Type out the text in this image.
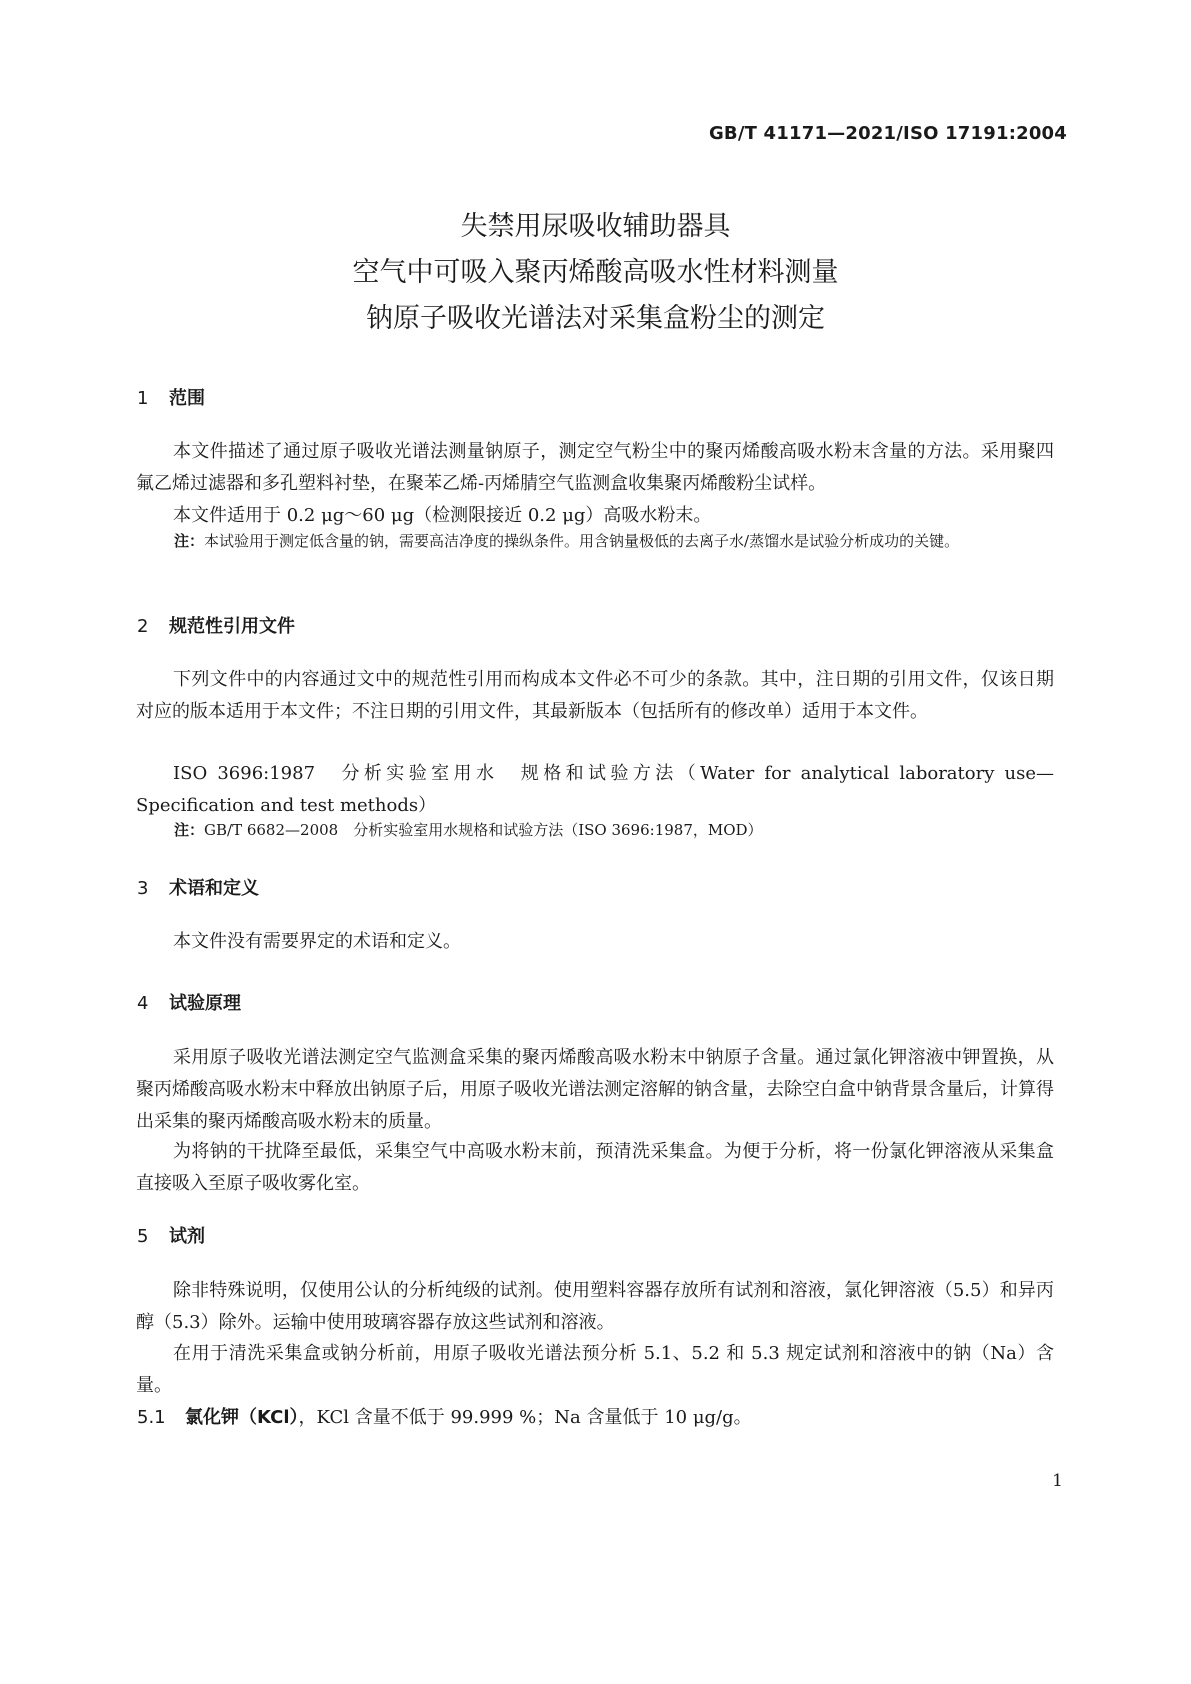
GB/T 41171—2021/ISO 17191:2004
失禁用尿吸收辅助器具
空气中可吸入聚丙烯酸高吸水性材料测量
钠原子吸收光谱法对采集盒粉尘的测定
1 范围

本文件描述了通过原子吸收光谱法测量钠原子，测定空气粉尘中的聚丙烯酸高吸水粉末含量的方法。采用聚四氟乙烯过滤器和多孔塑料衬垫，在聚苯乙烯-丙烯腈空气监测盒收集聚丙烯酸粉尘试样。

本文件适用于 0.2 μg～60 μg（检测限接近 0.2 μg）高吸水粉末。

注：本试验用于测定低含量的钠，需要高洁净度的操纵条件。用含钠量极低的去离子水/蒸馏水是试验分析成功的关键。
2 规范性引用文件

下列文件中的内容通过文中的规范性引用而构成本文件必不可少的条款。其中，注日期的引用文件，仅该日期对应的版本适用于本文件；不注日期的引用文件，其最新版本（包括所有的修改单）适用于本文件。

ISO 3696:1987 分析实验室用水　规格和试验方法（Water for analytical laboratory use—Specification and test methods）

注：GB/T 6682—2008　分析实验室用水规格和试验方法（ISO 3696:1987，MOD）
3 术语和定义

本文件没有需要界定的术语和定义。

4 试验原理

采用原子吸收光谱法测定空气监测盒采集的聚丙烯酸高吸水粉末中钠原子含量。通过氯化钾溶液中钾置换，从聚丙烯酸高吸水粉末中释放出钠原子后，用原子吸收光谱法测定溶解的钠含量，去除空白盒中钠背景含量后，计算得出采集的聚丙烯酸高吸水粉末的质量。

为将钠的干扰降至最低，采集空气中高吸水粉末前，预清洗采集盒。为便于分析，将一份氯化钾溶液从采集盒直接吸入至原子吸收雾化室。

5 试剂

除非特殊说明，仅使用公认的分析纯级的试剂。使用塑料容器存放所有试剂和溶液，氯化钾溶液（5.5）和异丙醇（5.3）除外。运输中使用玻璃容器存放这些试剂和溶液。

在用于清洗采集盒或钠分析前，用原子吸收光谱法预分析 5.1、5.2 和 5.3 规定试剂和溶液中的钠（Na）含量。

5.1 氯化钾（KCl），KCl 含量不低于 99.999 %；Na 含量低于 10 μg/g。
1
